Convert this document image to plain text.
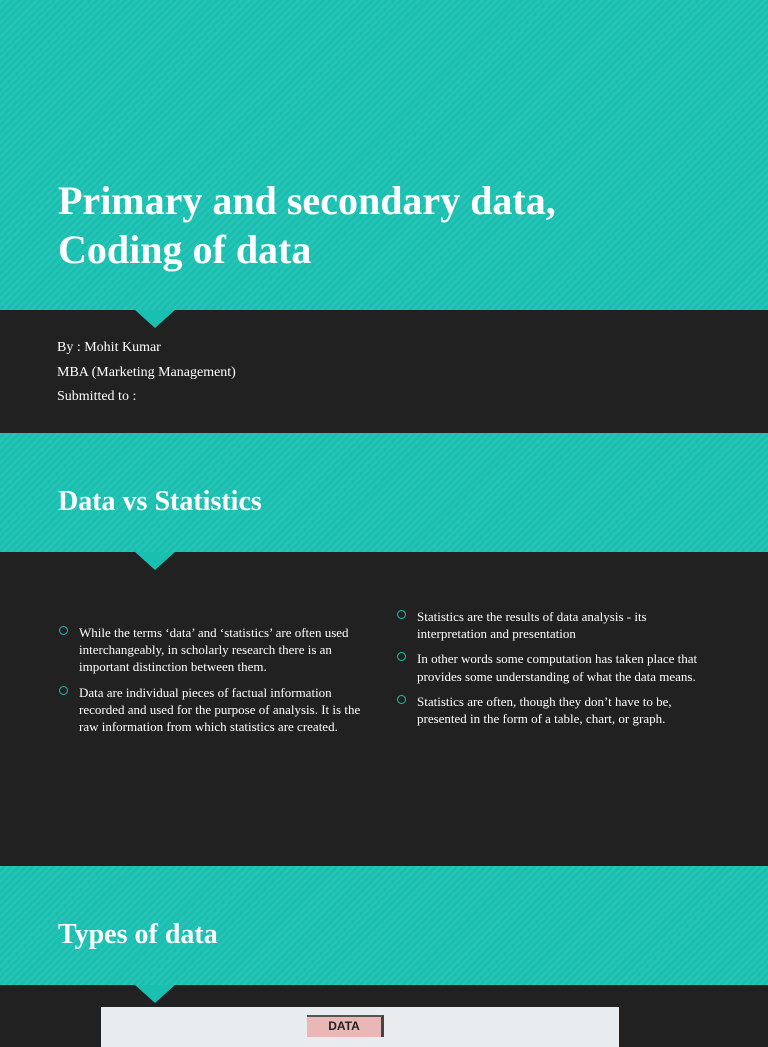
Primary and secondary data,
Coding of data
By : Mohit Kumar
MBA (Marketing Management)
Submitted to :
Data vs Statistics
While the terms ‘data’ and ‘statistics’ are often used interchangeably, in scholarly research there is an important distinction between them.
Data are individual pieces of factual information recorded and used for the purpose of analysis. It is the raw information from which statistics are created.
Statistics are the results of data analysis - its interpretation and presentation
In other words some computation has taken place that provides some understanding of what the data means.
Statistics are often, though they don’t have to be, presented in the form of a table, chart, or graph.
Types of data
DATA
